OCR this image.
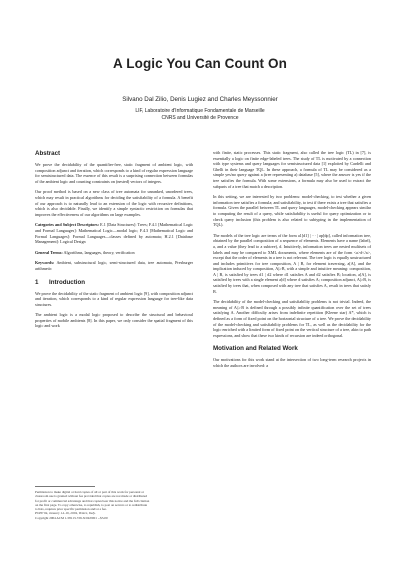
A Logic You Can Count On
Silvano Dal Zilio, Denis Lugiez and Charles Meyssonnier
LIF, Laboratoire d'Informatique Fondamentale de Marseille
CNRS and Université de Provence
Abstract

We prove the decidability of the quantifier-free, static fragment of ambient logic, with composition adjunct and iteration, which corresponds to a kind of regular expression language for semistructured data. The essence of this result is a surprising connection between formulas of the ambient logic and counting constraints on (nested) vectors of integers.

Our proof method is based on a new class of tree automata for unranked, unordered trees, which may result in practical algorithms for deciding the satisfiability of a formula. A benefit of our approach is to naturally lead to an extension of the logic with recursive definitions, which is also decidable. Finally, we identify a simple syntactic restriction on formulas that improves the effectiveness of our algorithms on large examples.

Categories and Subject Descriptors: E.1 [Data Structures]: Trees; F.4.1 [Mathematical Logic and Formal Languages]: Mathematical Logic—modal logic; F.4.3 [Mathematical Logic and Formal Languages]: Formal Languages—classes defined by automata; H.2.1 [Database Management]: Logical Design

General Terms: Algorithms, languages, theory, verification

Keywords: Ambient, substructural logic, semi-structured data, tree automata, Presburger arithmetic

1 Introduction

We prove the decidability of the static fragment of ambient logic [9], with composition adjunct and iteration, which corresponds to a kind of regular expression language for tree-like data structures.

The ambient logic is a modal logic proposed to describe the structural and behavioral properties of mobile ambients [8]. In this paper, we only consider the spatial fragment of this logic and work

Permission to make digital or hard copies of all or part of this work for personal or
classroom use is granted without fee provided that copies are not made or distributed
for profit or commercial advantage and that copies bear this notice and the full citation
on the first page. To copy otherwise, to republish, to post on servers or to redistribute
to lists, requires prior specific permission and/or a fee.
POPL'04, January 14–16, 2004, Venice, Italy.
Copyright 2004 ACM 1-58113-729-X/04/0001 ...$5.00

with finite, static processes. This static fragment, also called the tree logic (TL) in [7], is essentially a logic on finite edge-labeled trees. The study of TL is motivated by a connection with type systems and query languages for semistructured data [1] exploited by Cardelli and Ghelli in their language TQL. In these approach, a formula of TL may be considered as a simple yes/no query against a (tree representing a) database [5], where the answer is yes if the tree satisfies the formula. With some extensions, a formula may also be used to extract the subparts of a tree that match a description.

In this setting, we are interested by two problems: model-checking, to test whether a given information tree satisfies a formula; and satisfiability, to test if there exists a tree that satisfies a formula. Given the parallel between TL and query languages, model-checking appears similar to computing the result of a query, while satisfiability is useful for query optimization or to check query inclusion (this problem is also related to subtyping in the implementation of TQL).

The models of the tree logic are terms of the form a1[d1] | ··· | ap[dp], called information tree, obtained by the parallel composition of a sequence of elements. Elements have a name (label), a, and a value (they lead to a subtree), d. Intuitively, information trees are nested multisets of labels and may be compared to XML documents, where elements are of the form <a>d</a>, except that the order of elements in a tree is not relevant. The tree logic is equally unstructured and includes primitives for tree composition, A | B, for element traversing, a[A], and the implication induced by composition, A▷B, with a simple and intuitive meaning: composition, A | B, is satisfied by trees d1 | d2 where d1 satisfies A and d2 satisfies B; location, a[A], is satisfied by trees with a single element a[d] where d satisfies A; composition adjunct, A▷B, is satisfied by trees that, when composed with any tree that satisfies A, result in trees that satisfy B.

The decidability of the model-checking and satisfiability problems is not trivial. Indeed, the meaning of A▷B is defined through a possibly infinite quantification over the set of trees satisfying A. Another difficulty arises from indefinite repetition (Kleene star) A*, which is defined as a form of fixed point on the horizontal structure of a tree. We prove the decidability of the model-checking and satisfiability problems for TL, as well as the decidability for the logic enriched with a limited form of fixed point on the vertical structure of a tree, akin to path expressions, and show that these two kinds of recursion are indeed orthogonal.

Motivation and Related Work

Our motivations for this work stand at the intersection of two long-term research projects in which the authors are involved: a
